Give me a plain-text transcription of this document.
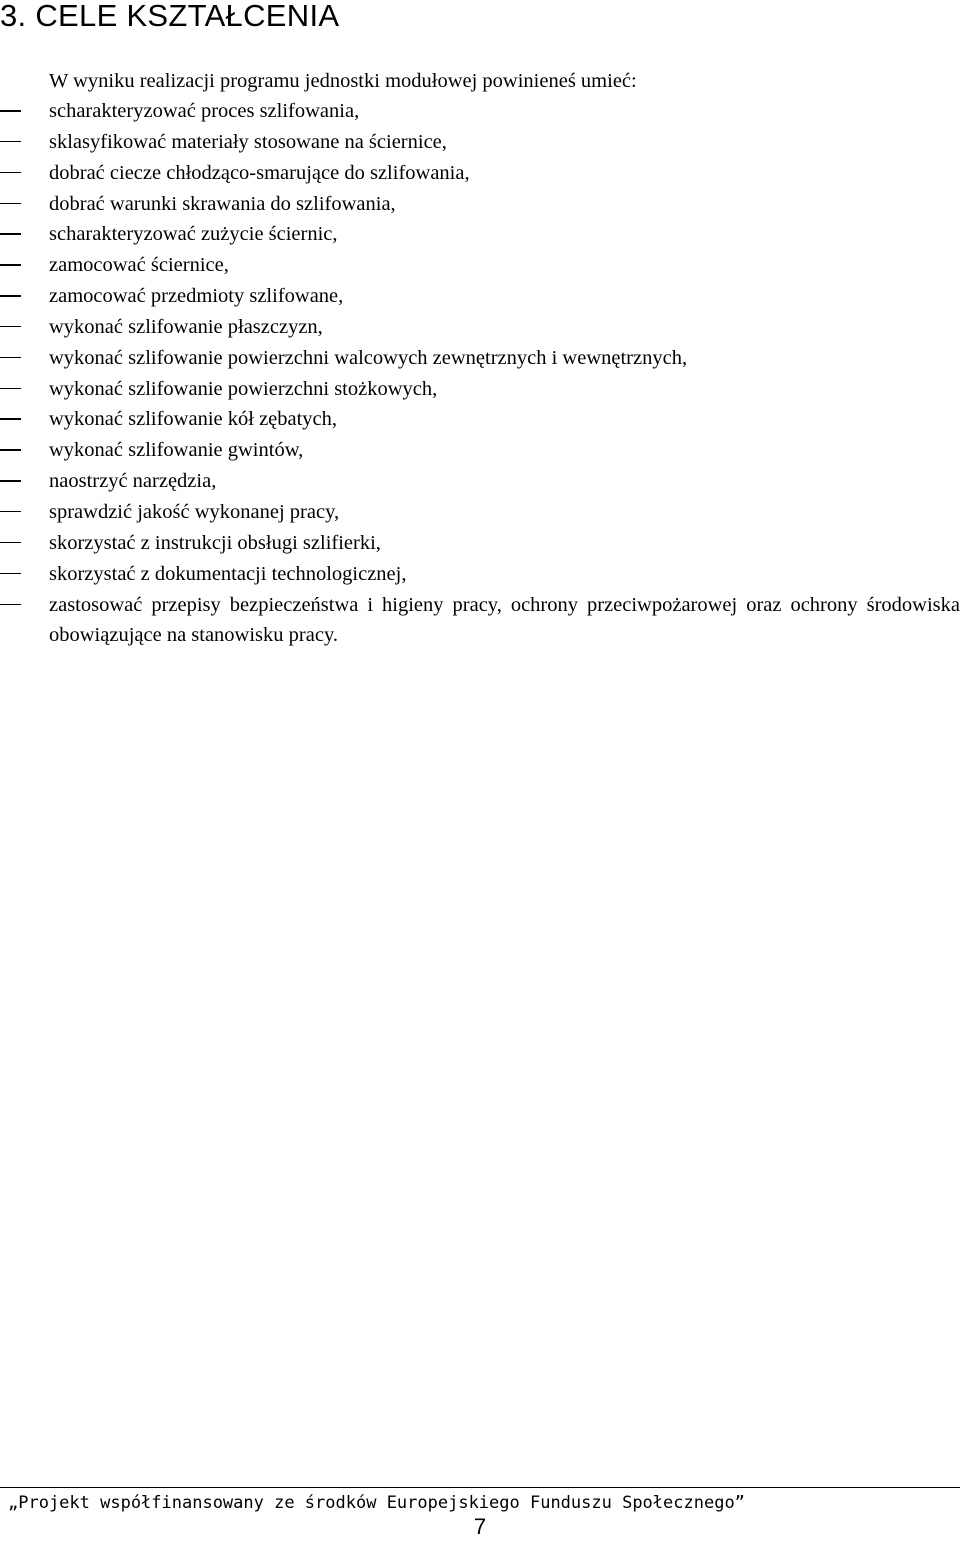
3. CELE KSZTAŁCENIA
W wyniku realizacji programu jednostki modułowej powinieneś umieć:
scharakteryzować proces szlifowania,
sklasyfikować materiały stosowane na ściernice,
dobrać ciecze chłodząco-smarujące do szlifowania,
dobrać warunki skrawania do szlifowania,
scharakteryzować zużycie ściernic,
zamocować ściernice,
zamocować przedmioty szlifowane,
wykonać szlifowanie płaszczyzn,
wykonać szlifowanie powierzchni walcowych zewnętrznych i wewnętrznych,
wykonać szlifowanie powierzchni stożkowych,
wykonać szlifowanie kół zębatych,
wykonać szlifowanie gwintów,
naostrzyć narzędzia,
sprawdzić jakość wykonanej pracy,
skorzystać z instrukcji obsługi szlifierki,
skorzystać z dokumentacji technologicznej,
zastosować przepisy bezpieczeństwa i higieny pracy, ochrony przeciwpożarowej oraz ochrony środowiska obowiązujące na stanowisku pracy.
„Projekt współfinansowany ze środków Europejskiego Funduszu Społecznego”
7
